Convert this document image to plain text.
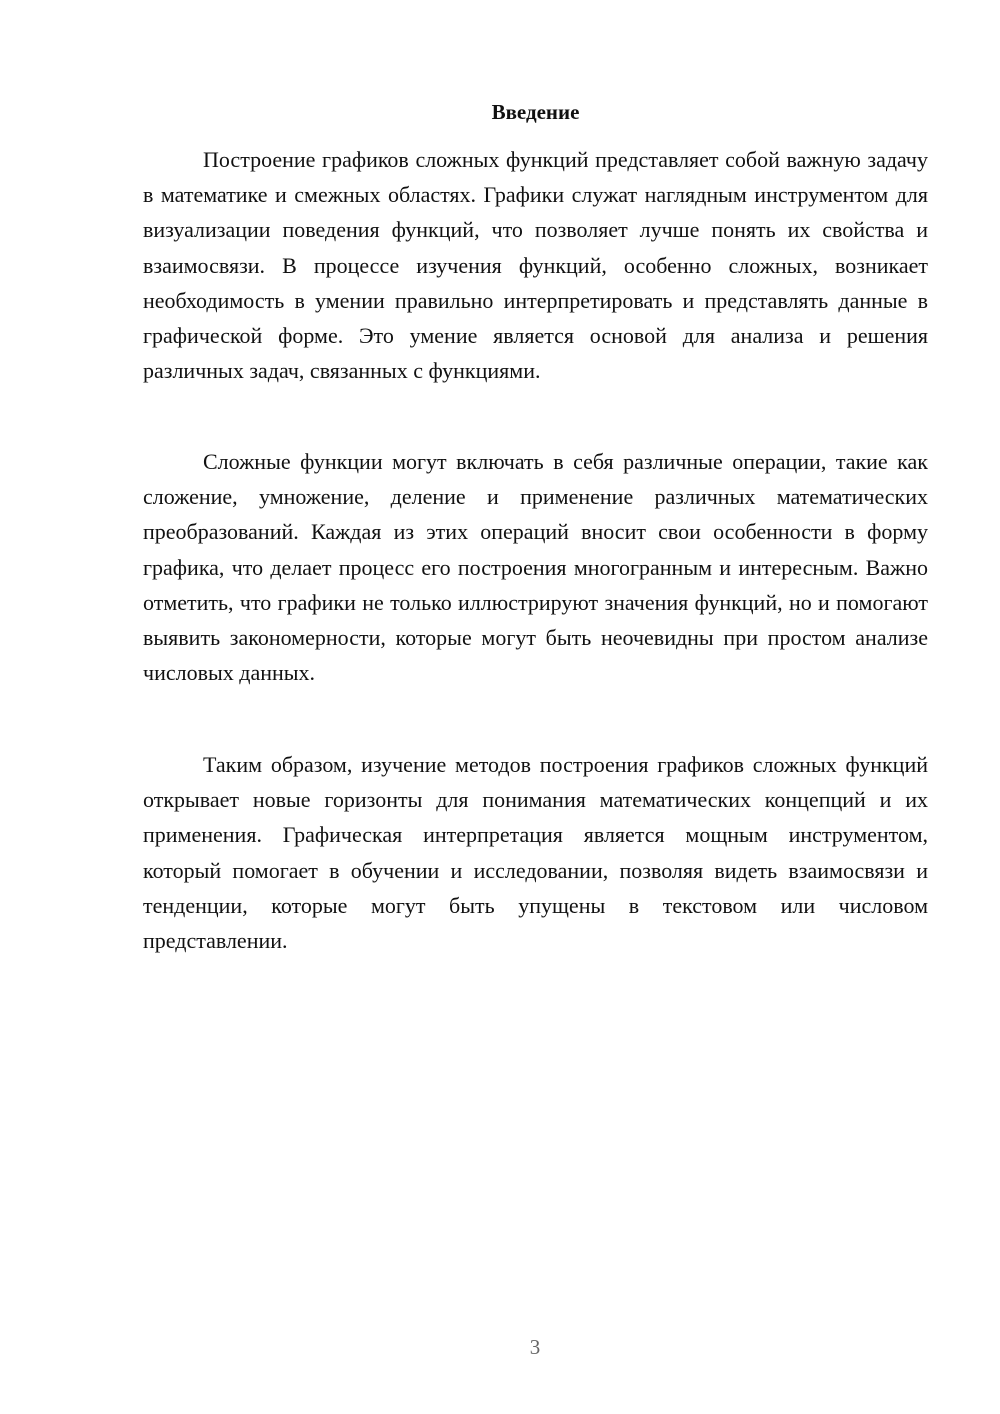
Введение

Построение графиков сложных функций представляет собой важную задачу в математике и смежных областях. Графики служат наглядным инструментом для визуализации поведения функций, что позволяет лучше понять их свойства и взаимосвязи. В процессе изучения функций, особенно сложных, возникает необходимость в умении правильно интерпретировать и представлять данные в графической форме. Это умение является основой для анализа и решения различных задач, связанных с функциями.

Сложные функции могут включать в себя различные операции, такие как сложение, умножение, деление и применение различных математических преобразований. Каждая из этих операций вносит свои особенности в форму графика, что делает процесс его построения многогранным и интересным. Важно отметить, что графики не только иллюстрируют значения функций, но и помогают выявить закономерности, которые могут быть неочевидны при простом анализе числовых данных.

Таким образом, изучение методов построения графиков сложных функций открывает новые горизонты для понимания математических концепций и их применения. Графическая интерпретация является мощным инструментом, который помогает в обучении и исследовании, позволяя видеть взаимосвязи и тенденции, которые могут быть упущены в текстовом или числовом представлении.

3
